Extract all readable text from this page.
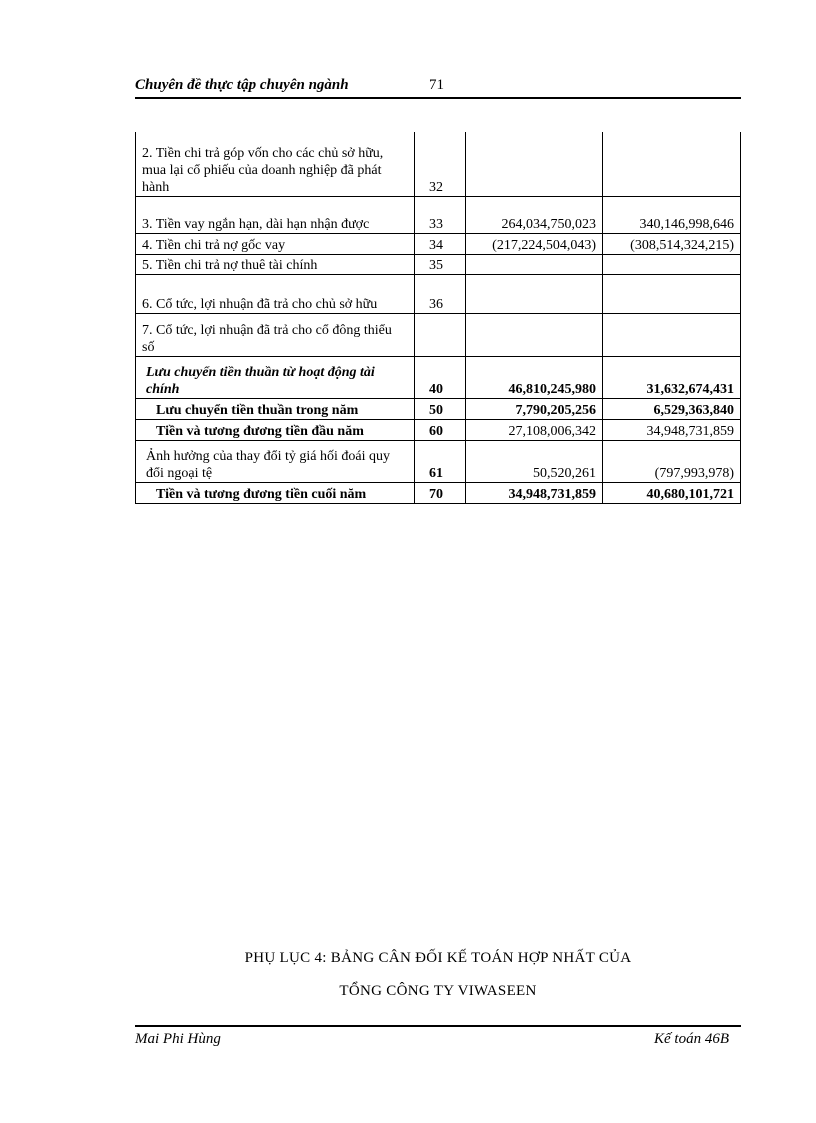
Chuyên đề thực tập chuyên ngành	71
2. Tiền chi trả góp vốn cho các chủ sở hữu, mua lại cổ phiếu của doanh nghiệp đã phát hành	32		
3. Tiền vay ngắn hạn, dài hạn nhận được	33	264,034,750,023	340,146,998,646
4. Tiền chi trả nợ gốc vay	34	(217,224,504,043)	(308,514,324,215)
5. Tiền chi trả nợ thuê tài chính	35		
6. Cổ tức, lợi nhuận đã trả cho chủ sở hữu	36		
7. Cổ tức, lợi nhuận đã trả cho cổ đông thiểu số			
Lưu chuyển tiền thuần từ hoạt động tài chính	40	46,810,245,980	31,632,674,431
Lưu chuyển tiền thuần trong năm	50	7,790,205,256	6,529,363,840
Tiền và tương đương tiền đầu năm	60	27,108,006,342	34,948,731,859
Ảnh hưởng của thay đổi tỷ giá hối đoái quy đổi ngoại tệ	61	50,520,261	(797,993,978)
Tiền và tương đương tiền cuối năm	70	34,948,731,859	40,680,101,721
PHỤ LỤC 4: BẢNG CÂN ĐỐI KẾ TOÁN HỢP NHẤT CỦA
TỔNG CÔNG TY VIWASEEN
Mai Phi Hùng	Kế toán 46B
